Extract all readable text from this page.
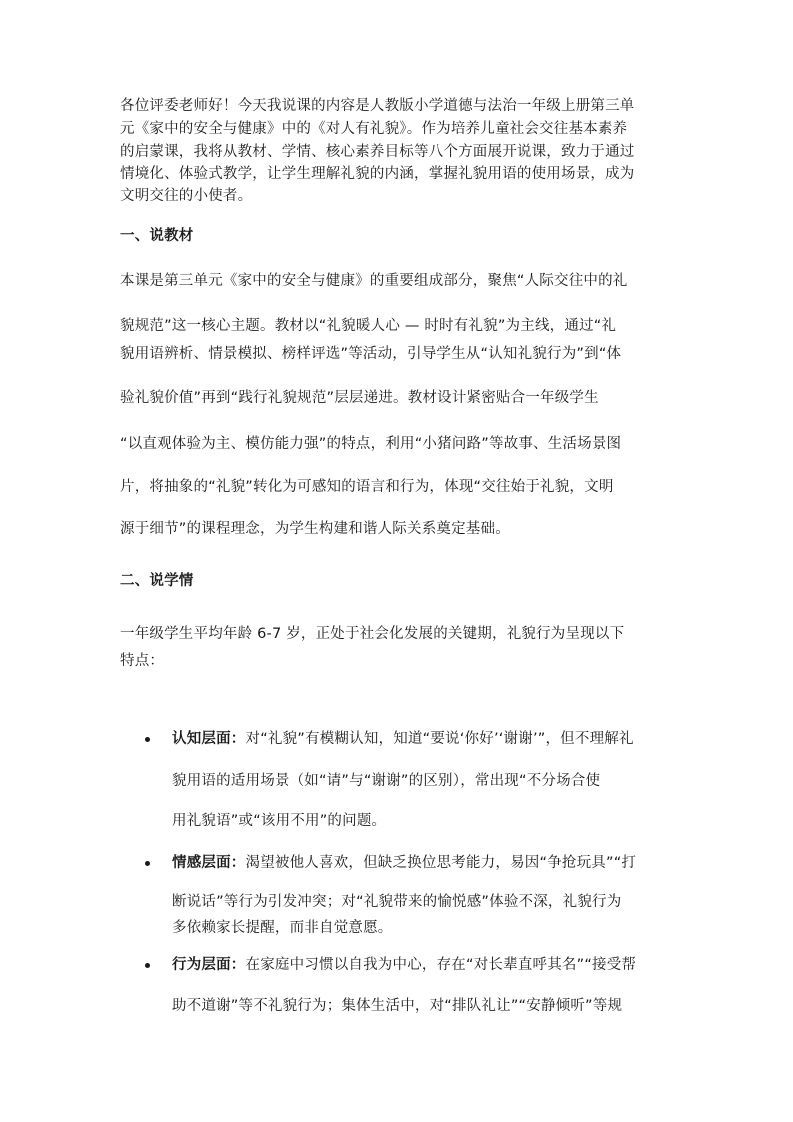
各位评委老师好！今天我说课的内容是人教版小学道德与法治一年级上册第三单
元《家中的安全与健康》中的《对人有礼貌》。作为培养儿童社会交往基本素养
的启蒙课，我将从教材、学情、核心素养目标等八个方面展开说课，致力于通过
情境化、体验式教学，让学生理解礼貌的内涵，掌握礼貌用语的使用场景，成为
文明交往的小使者。
一、说教材
本课是第三单元《家中的安全与健康》的重要组成部分，聚焦“人际交往中的礼
貌规范”这一核心主题。教材以“礼貌暖人心 — 时时有礼貌”为主线，通过“礼
貌用语辨析、情景模拟、榜样评选”等活动，引导学生从“认知礼貌行为”到“体
验礼貌价值”再到“践行礼貌规范”层层递进。教材设计紧密贴合一年级学生
“以直观体验为主、模仿能力强”的特点，利用“小猪问路”等故事、生活场景图
片，将抽象的“礼貌”转化为可感知的语言和行为，体现“交往始于礼貌，文明
源于细节”的课程理念，为学生构建和谐人际关系奠定基础。
二、说学情
一年级学生平均年龄 6-7 岁，正处于社会化发展的关键期，礼貌行为呈现以下
特点：
认知层面：对“礼貌”有模糊认知，知道“要说‘你好’‘谢谢’”，但不理解礼
貌用语的适用场景（如“请”与“谢谢”的区别），常出现“不分场合使
用礼貌语”或“该用不用”的问题。
情感层面：渴望被他人喜欢，但缺乏换位思考能力，易因“争抢玩具”“打
断说话”等行为引发冲突；对“礼貌带来的愉悦感”体验不深，礼貌行为
多依赖家长提醒，而非自觉意愿。
行为层面：在家庭中习惯以自我为中心，存在“对长辈直呼其名”“接受帮
助不道谢”等不礼貌行为；集体生活中，对“排队礼让”“安静倾听”等规
